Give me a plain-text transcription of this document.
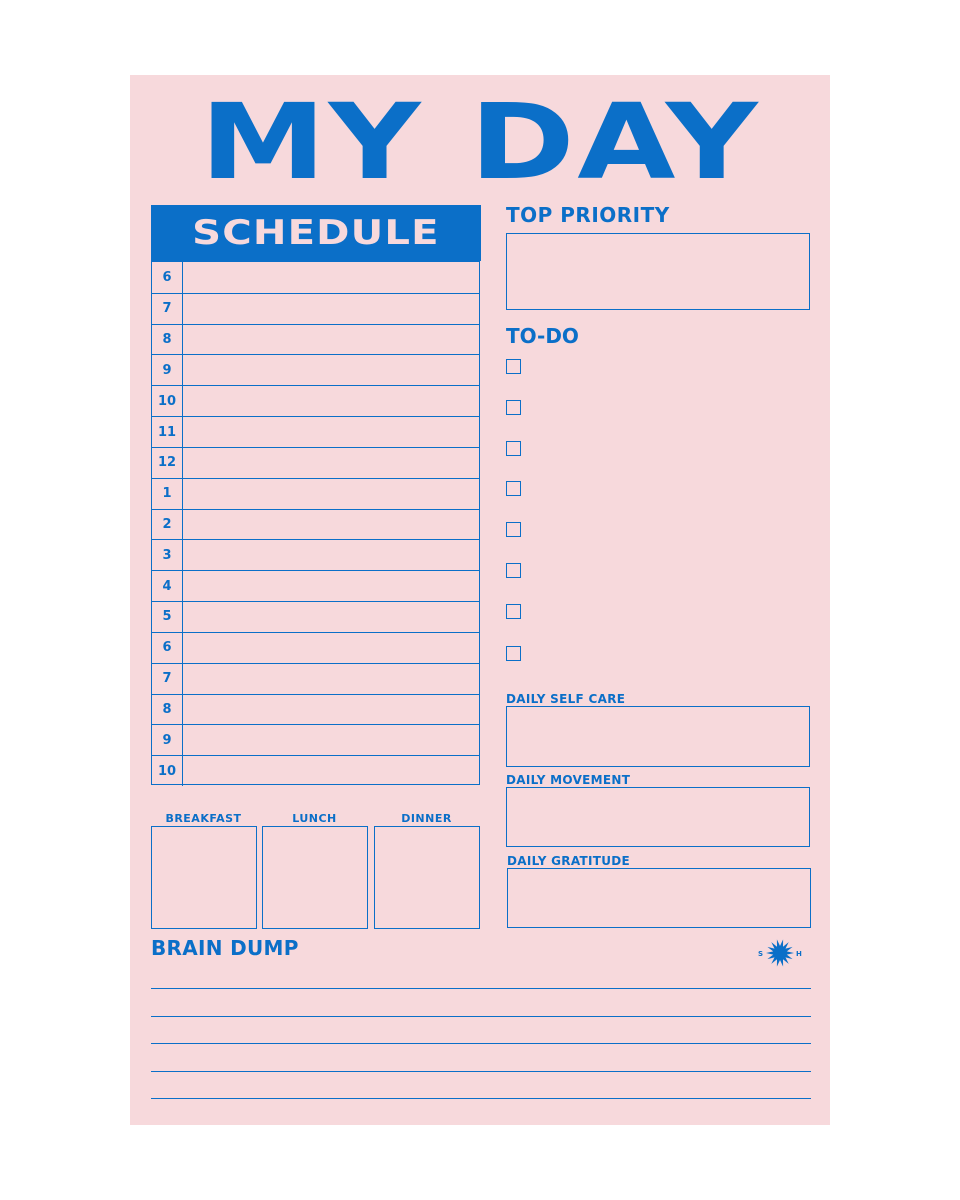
MY DAY
SCHEDULE
6
7
8
9
10
11
12
1
2
3
4
5
6
7
8
9
10
TOP PRIORITY
TO-DO
DAILY SELF CARE
DAILY MOVEMENT
DAILY GRATITUDE
BREAKFAST	LUNCH	DINNER
BRAIN DUMP	S	H
